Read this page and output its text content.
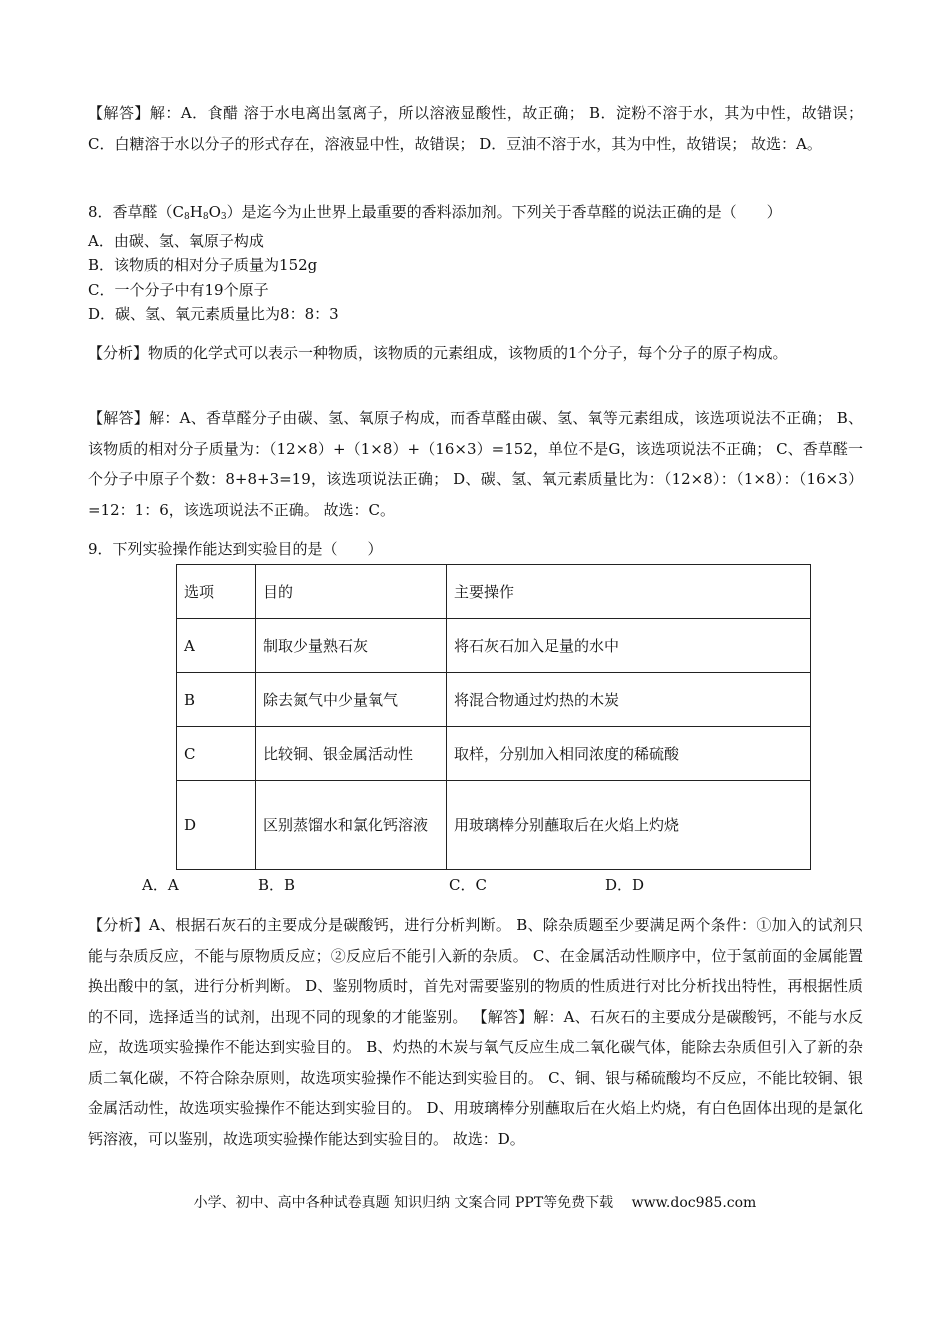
【解答】解：A．食醋 溶于水电离出氢离子，所以溶液显酸性，故正确； B．淀粉不溶于水，其为中性，故错误； C．白糖溶于水以分子的形式存在，溶液显中性，故错误； D．豆油不溶于水，其为中性，故错误； 故选：A。
8．香草醛$(C_8H_8O_3)$是迄今为止世界上最重要的香料添加剂。下列关于香草醛的说法正确的是（　　）
A．由碳、氢、氧原子构成
B．该物质的相对分子质量为152g
C．一个分子中有19个原子
D．碳、氢、氧元素质量比为8：8：3
【分析】物质的化学式可以表示一种物质，该物质的元素组成，该物质的1个分子，每个分子的原子构成。
【解答】解：A、香草醛分子由碳、氢、氧原子构成，而香草醛由碳、氢、氧等元素组成，该选项说法不正确； B、该物质的相对分子质量为：（12×8）+（1×8）+（16×3）=152，单位不是G，该选项说法不正确； C、香草醛一个分子中原子个数：8+8+3=19，该选项说法正确； D、碳、氢、氧元素质量比为：（12×8）：（1×8）：（16×3）=12：1：6，该选项说法不正确。 故选：C。
9．下列实验操作能达到实验目的是（　　）
选项	目的	主要操作
A	制取少量熟石灰	将石灰石加入足量的水中
B	除去氮气中少量氧气	将混合物通过灼热的木炭
C	比较铜、银金属活动性	取样，分别加入相同浓度的稀硫酸
D	区别蒸馏水和氯化钙溶液	用玻璃棒分别蘸取后在火焰上灼烧
A．A	B．B	C．C	D．D
【分析】A、根据石灰石的主要成分是碳酸钙，进行分析判断。 B、除杂质题至少要满足两个条件：①加入的试剂只能与杂质反应，不能与原物质反应；②反应后不能引入新的杂质。 C、在金属活动性顺序中，位于氢前面的金属能置换出酸中的氢，进行分析判断。 D、鉴别物质时，首先对需要鉴别的物质的性质进行对比分析找出特性，再根据性质的不同，选择适当的试剂，出现不同的现象的才能鉴别。 【解答】解：A、石灰石的主要成分是碳酸钙，不能与水反应，故选项实验操作不能达到实验目的。 B、灼热的木炭与氧气反应生成二氧化碳气体，能除去杂质但引入了新的杂质二氧化碳，不符合除杂原则，故选项实验操作不能达到实验目的。 C、铜、银与稀硫酸均不反应，不能比较铜、银金属活动性，故选项实验操作不能达到实验目的。 D、用玻璃棒分别蘸取后在火焰上灼烧，有白色固体出现的是氯化钙溶液，可以鉴别，故选项实验操作能达到实验目的。 故选：D。
小学、初中、高中各种试卷真题 知识归纳 文案合同 PPT等免费下载　 www.doc985.com
